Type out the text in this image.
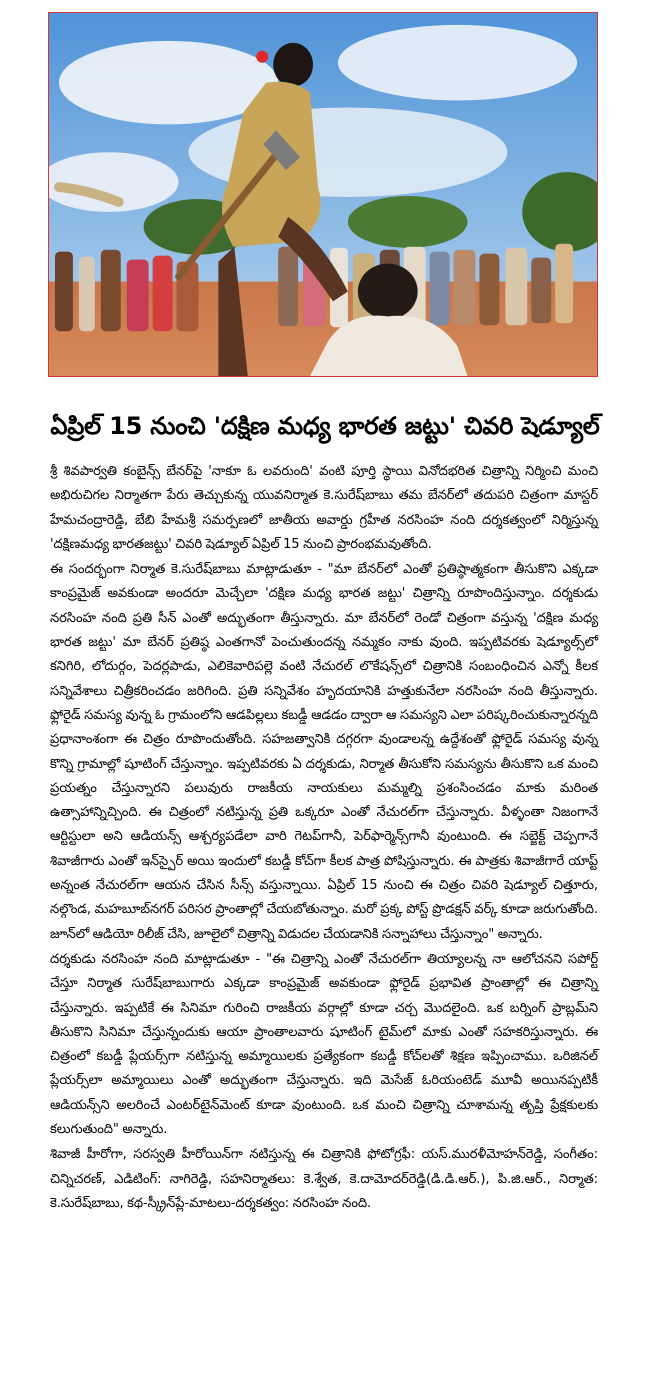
ఏప్రిల్ 15 నుంచి 'దక్షిణ మధ్య భారత జట్టు' చివరి షెడ్యూల్

శ్రీ శివపార్వతి కంబైన్స్ బేనర్‌పై 'నాకూ ఓ లవరుంది' వంటి పూర్తి స్థాయి వినోదభరిత చిత్రాన్ని నిర్మించి మంచి అభిరుచిగల నిర్మాతగా పేరు తెచ్చుకున్న యువనిర్మాత కె.సురేష్‌బాబు తమ బేనర్‌లో తదుపరి చిత్రంగా మాస్టర్ హేమచంద్రారెడ్డి, బేబి హేమశ్రీ సమర్పణలో జాతీయ అవార్డు గ్రహీత నరసింహ నంది దర్శకత్వంలో నిర్మిస్తున్న 'దక్షిణమధ్య భారతజట్టు' చివరి షెడ్యూల్ ఏప్రిల్ 15 నుంచి ప్రారంభమవుతోంది.

ఈ సందర్భంగా నిర్మాత కె.సురేష్‌బాబు మాట్లాడుతూ - "మా బేనర్‌లో ఎంతో ప్రతిష్ఠాత్మకంగా తీసుకొని ఎక్కడా కాంప్రమైజ్ అవకుండా అందరూ మెచ్చేలా 'దక్షిణ మధ్య భారత జట్టు' చిత్రాన్ని రూపొందిస్తున్నాం. దర్శకుడు నరసింహ నంది ప్రతి సీన్ ఎంతో అద్భుతంగా తీస్తున్నారు. మా బేనర్‌లో రెండో చిత్రంగా వస్తున్న 'దక్షిణ మధ్య భారత జట్టు' మా బేనర్ ప్రతిష్ఠ ఎంతగానో పెంచుతుందన్న నమ్మకం నాకు వుంది. ఇప్పటివరకు షెడ్యూల్స్‌లో కనిగిరి, లోదుర్గం, పెదర్లపాడు, ఎలికెవారిపల్లె వంటి నేచురల్ లొకేషన్స్‌లో చిత్రానికి సంబంధించిన ఎన్నో కీలక సన్నివేశాలు చిత్రీకరించడం జరిగింది. ప్రతి సన్నివేశం హృదయానికి హత్తుకునేలా నరసింహ నంది తీస్తున్నారు. ఫ్లోరైడ్ సమస్య వున్న ఓ గ్రామంలోని ఆడపిల్లలు కబడ్డీ ఆడడం ద్వారా ఆ సమస్యని ఎలా పరిష్కరించుకున్నారన్నది ప్రధానాంశంగా ఈ చిత్రం రూపొందుతోంది. సహజత్వానికి దగ్గరగా వుండాలన్న ఉద్దేశంతో ఫ్లోరైడ్ సమస్య వున్న కొన్ని గ్రామాల్లో షూటింగ్ చేస్తున్నాం. ఇప్పటివరకు ఏ దర్శకుడు, నిర్మాత తీసుకోని సమస్యను తీసుకొని ఒక మంచి ప్రయత్నం చేస్తున్నారని పలువురు రాజకీయ నాయకులు మమ్మల్ని ప్రశంసించడం మాకు మరింత ఉత్సాహాన్నిచ్చింది. ఈ చిత్రంలో నటిస్తున్న ప్రతి ఒక్కరూ ఎంతో నేచురల్‌గా చేస్తున్నారు. వీళ్ళంతా నిజంగానే ఆర్టిస్టులా అని ఆడియన్స్ ఆశ్చర్యపడేలా వారి గెటప్‌గానీ, పెర్‌ఫార్మెన్స్‌గానీ వుంటుంది. ఈ సబ్జెక్ట్ చెప్పగానే శివాజీగారు ఎంతో ఇన్‌స్పైర్ అయి ఇందులో కబడ్డీ కోచ్‌గా కీలక పాత్ర పోషిస్తున్నారు. ఈ పాత్రకు శివాజీగారే యాప్ట్ అన్నంత నేచురల్‌గా ఆయన చేసిన సీన్స్ వస్తున్నాయి. ఏప్రిల్ 15 నుంచి ఈ చిత్రం చివరి షెడ్యూల్ చిత్తూరు, నల్గొండ, మహబూబ్‌నగర్ పరిసర ప్రాంతాల్లో చేయబోతున్నాం. మరో ప్రక్క పోస్ట్ ప్రొడక్షన్ వర్క్ కూడా జరుగుతోంది. జూన్‌లో ఆడియో రిలీజ్ చేసి, జూలైలో చిత్రాన్ని విడుదల చేయడానికి సన్నాహాలు చేస్తున్నాం" అన్నారు.

దర్శకుడు నరసింహ నంది మాట్లాడుతూ - "ఈ చిత్రాన్ని ఎంతో నేచురల్‌గా తియ్యాలన్న నా ఆలోచనని సపోర్ట్ చేస్తూ నిర్మాత సురేష్‌బాబుగారు ఎక్కడా కాంప్రమైజ్ అవకుండా ఫ్లోరైడ్ ప్రభావిత ప్రాంతాల్లో ఈ చిత్రాన్ని చేస్తున్నారు. ఇప్పటికే ఈ సినిమా గురించి రాజకీయ వర్గాల్లో కూడా చర్చ మొదలైంది. ఒక బర్నింగ్ ప్రాబ్లమ్‌ని తీసుకొని సినిమా చేస్తున్నందుకు ఆయా ప్రాంతాలవారు షూటింగ్ టైమ్‌లో మాకు ఎంతో సహకరిస్తున్నారు. ఈ చిత్రంలో కబడ్డీ ప్లేయర్స్‌గా నటిస్తున్న అమ్మాయిలకు ప్రత్యేకంగా కబడ్డీ కోచ్‌లతో శిక్షణ ఇప్పించాము. ఒరిజినల్ ప్లేయర్స్‌లా అమ్మాయిలు ఎంతో అద్భుతంగా చేస్తున్నారు. ఇది మెసేజ్ ఓరియంటెడ్ మూవీ అయినప్పటికీ ఆడియన్స్‌ని అలరించే ఎంటర్‌టైన్‌మెంట్ కూడా వుంటుంది. ఒక మంచి చిత్రాన్ని చూశామన్న తృప్తి ప్రేక్షకులకు కలుగుతుంది" అన్నారు.

శివాజీ హీరోగా, సరస్వతి హీరోయిన్‌గా నటిస్తున్న ఈ చిత్రానికి ఫోటోగ్రఫీ: యస్.మురళీమోహన్‌రెడ్డి, సంగీతం: చిన్నిచరణ్, ఎడిటింగ్: నాగిరెడ్డి, సహనిర్మాతలు: కె.శ్వేత, కె.దామోదర్‌రెడ్డి(డి.డి.ఆర్.), పి.జి.ఆర్., నిర్మాత: కె.సురేష్‌బాబు, కథ-స్క్రీన్‌ప్లే-మాటలు-దర్శకత్వం: నరసింహ నంది.
